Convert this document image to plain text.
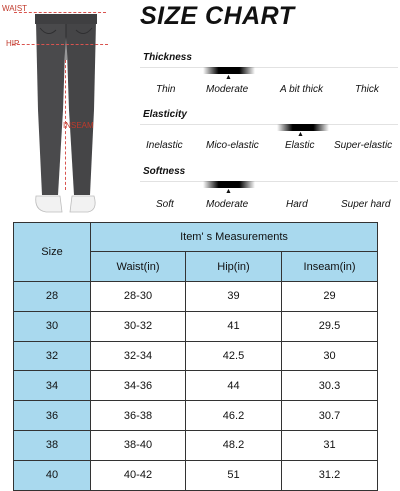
WAIST
HIP
INSEAM
SIZE CHART
Thickness
▲
Thin	Moderate	A bit thick	Thick
Elasticity
▲
Inelastic Mico-elastic	Elastic Super-elastic
Softness
▲
Soft	Moderate	Hard	Super hard
Size	Item' s Measurements		
	Waist(in)	Hip(in)	Inseam(in)
28	28-30	39	29
30	30-32	41	29.5
32	32-34	42.5	30
34	34-36	44	30.3
36	36-38	46.2	30.7
38	38-40	48.2	31
40	40-42	51	31.2
